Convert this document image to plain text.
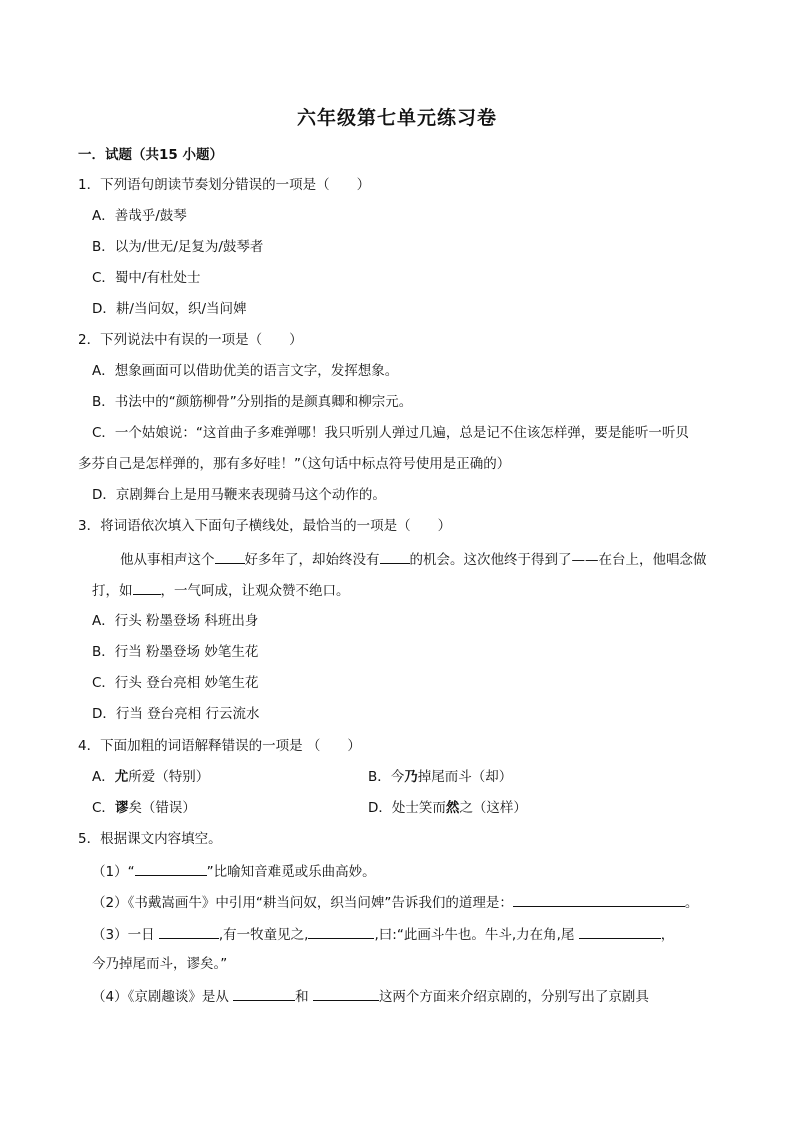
六年级第七单元练习卷
一．试题（共15 小题）
1．下列语句朗读节奏划分错误的一项是（　　）
A．善哉乎/鼓琴
B．以为/世无/足复为/鼓琴者
C．蜀中/有杜处士
D．耕/当问奴，织/当问婢
2．下列说法中有误的一项是（　　）
A．想象画面可以借助优美的语言文字，发挥想象。
B．书法中的“颜筋柳骨”分别指的是颜真卿和柳宗元。
C．一个姑娘说：“这首曲子多难弹哪！我只听别人弹过几遍，总是记不住该怎样弹，要是能听一听贝
多芬自己是怎样弹的，那有多好哇！”（这句话中标点符号使用是正确的）
D．京剧舞台上是用马鞭来表现骑马这个动作的。
3．将词语依次填入下面句子横线处，最恰当的一项是（　　）
他从事相声这个 好多年了，却始终没有 的机会。这次他终于得到了——在台上，他唱念做
打，如 ，一气呵成，让观众赞不绝口。
A．行头 粉墨登场 科班出身
B．行当 粉墨登场 妙笔生花
C．行头 登台亮相 妙笔生花
D．行当 登台亮相 行云流水
4．下面加粗的词语解释错误的一项是 （　　）
A．尤所爱（特别）	B．今乃掉尾而斗（却）
C．谬矣（错误）	D．处士笑而然之（这样）
5．根据课文内容填空。
（1）“	”比喻知音难觅或乐曲高妙。
（2）《书戴嵩画牛》中引用“耕当问奴，织当问婢”告诉我们的道理是：	。
（3）一日	,有一牧童见之,	,曰:“此画斗牛也。牛斗,力在角,尾	，
今乃掉尾而斗，谬矣。”
（4）《京剧趣谈》是从	和	这两个方面来介绍京剧的，分别写出了京剧具
